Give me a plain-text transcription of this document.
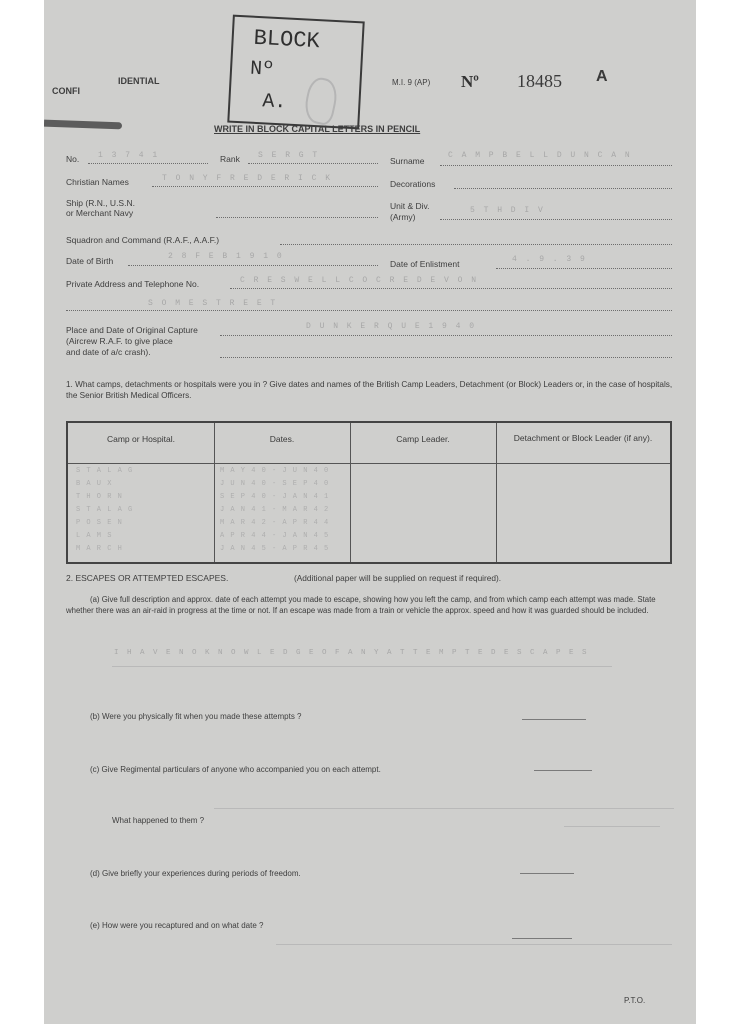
CONFI
IDENTIAL
BLOCK
Nº
A.
M.I. 9 (AP) Nº 18485 A
WRITE IN BLOCK CAPITAL LETTERS IN PENCIL
No. 1 3 7 4 1	Rank S E R G T
Surname
C A M P B E L L D U N C A N
Christian Names	T O N Y F R E D E R I C K
Decorations
Ship (R.N., U.S.N.
or Merchant Navy
Unit & Div.
(Army)
5 T H D I V
Squadron and Command (R.A.F., A.A.F.)
Date of Birth	2 8 F E B 1 9 1 0
Date of Enlistment	4 . 9 . 3 9
Private Address and Telephone No.	C R E S W E L L C O C R E D E V O N
S O M E S T R E E T
Place and Date of Original Capture
(Aircrew R.A.F. to give place
and date of a/c crash).
D U N K E R Q U E 1 9 4 0
1. What camps, detachments or hospitals were you in ? Give dates and names of the British Camp Leaders, Detachment (or Block) Leaders or, in the case of hospitals, the Senior British Medical Officers.
Camp or Hospital.	Dates.	Camp Leader.	Detachment or Block Leader (if any).
S T A L A G	M A Y 4 0 - J U N 4 0
B A U X	J U N 4 0 - S E P 4 0
T H O R N	S E P 4 0 - J A N 4 1
S T A L A G	J A N 4 1 - M A R 4 2
P O S E N	M A R 4 2 - A P R 4 4
L A M S	A P R 4 4 - J A N 4 5
M A R C H	J A N 4 5 - A P R 4 5
2. ESCAPES OR ATTEMPTED ESCAPES.	(Additional paper will be supplied on request if required).
(a) Give full description and approx. date of each attempt you made to escape, showing how you left the camp, and from which camp each attempt was made. State whether there was an air-raid in progress at the time or not. If an escape was made from a train or vehicle the approx. speed and how it was guarded should be included.
I H A V E N O K N O W L E D G E O F A N Y A T T E M P T E D E S C A P E S
(b) Were you physically fit when you made these attempts ?
(c) Give Regimental particulars of anyone who accompanied you on each attempt.
What happened to them ?
(d) Give briefly your experiences during periods of freedom.
(e) How were you recaptured and on what date ?
P.T.O.
